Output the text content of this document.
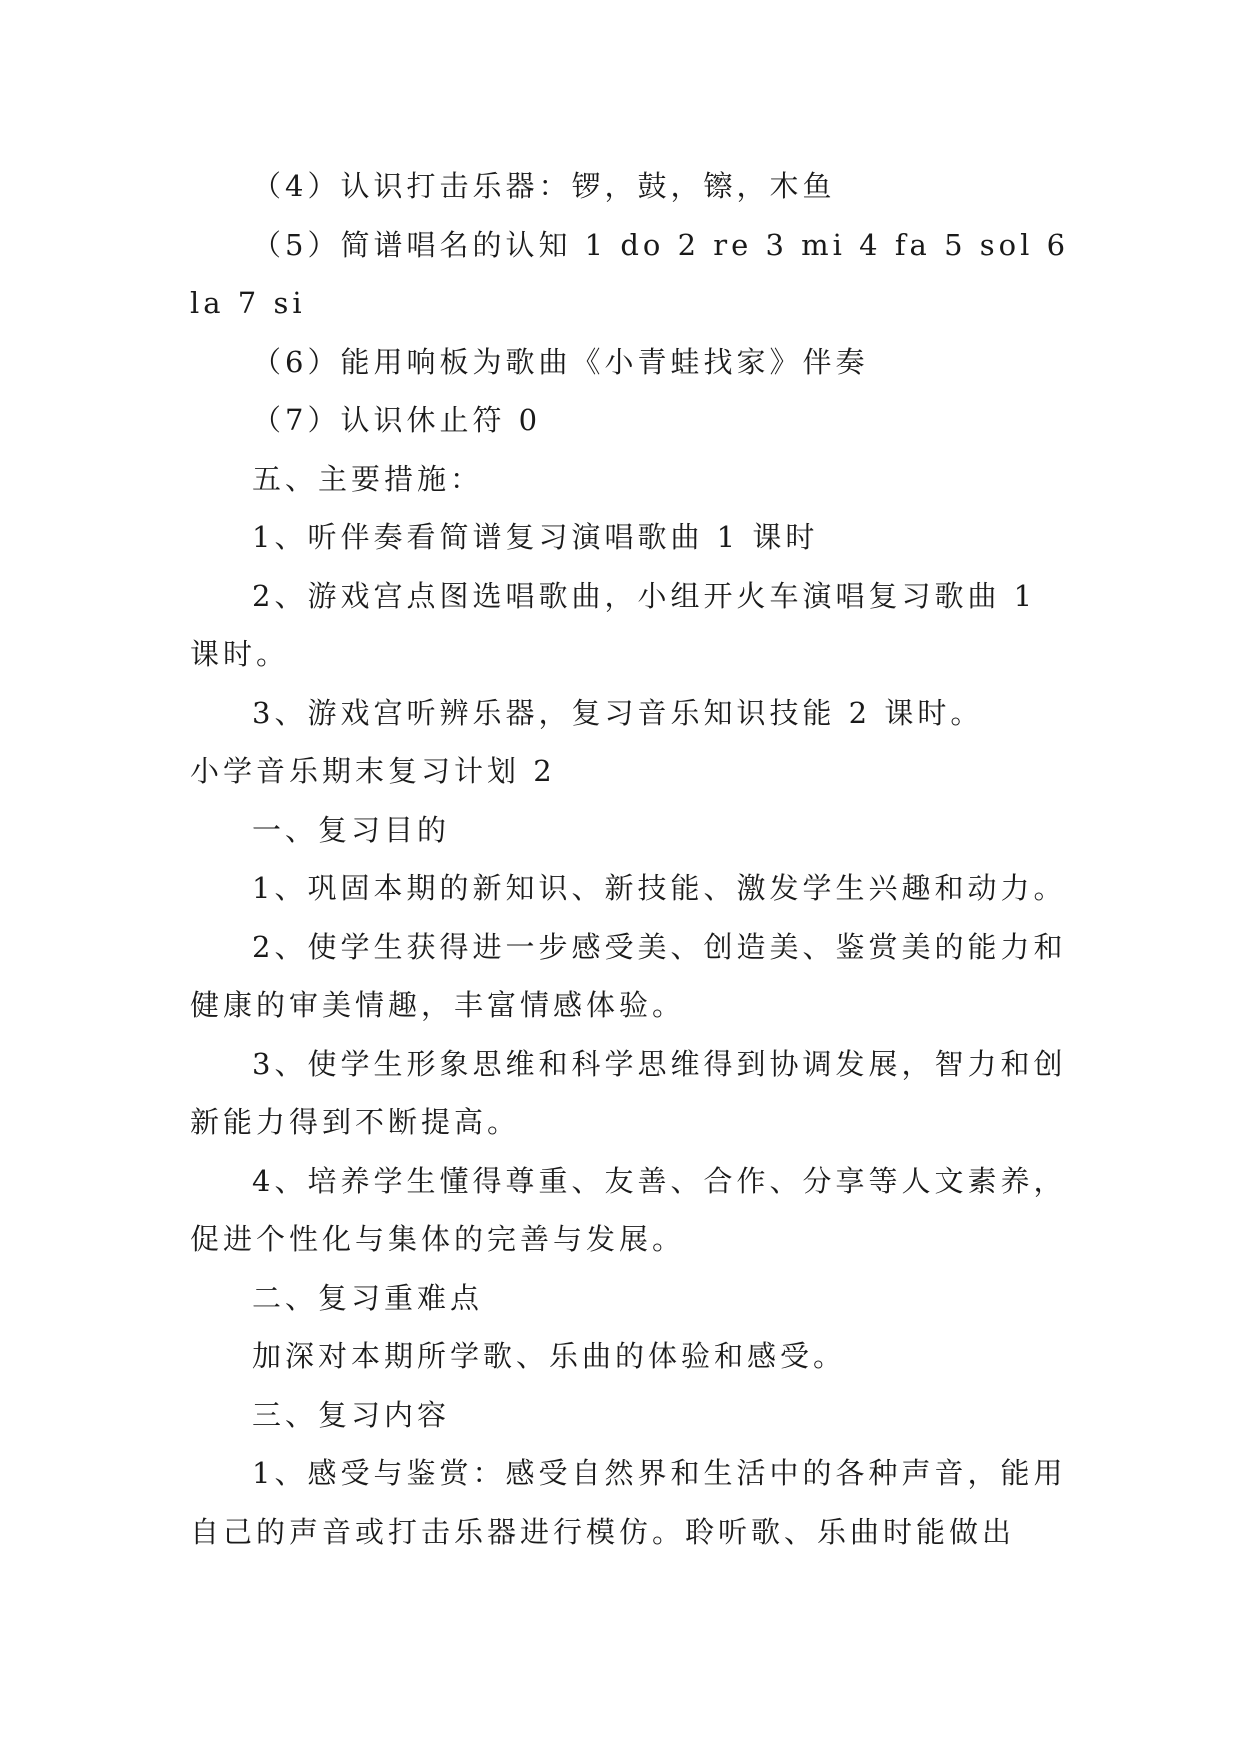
（4）认识打击乐器：锣，鼓，镲，木鱼

（5）简谱唱名的认知 1 do 2 re 3 mi 4 fa 5 sol 6 la 7 si

（6）能用响板为歌曲《小青蛙找家》伴奏

（7）认识休止符 0

五、主要措施：

1、听伴奏看简谱复习演唱歌曲 1 课时

2、游戏宫点图选唱歌曲，小组开火车演唱复习歌曲 1 课时。

3、游戏宫听辨乐器，复习音乐知识技能 2 课时。

小学音乐期末复习计划 2

一、复习目的

1、巩固本期的新知识、新技能、激发学生兴趣和动力。

2、使学生获得进一步感受美、创造美、鉴赏美的能力和健康的审美情趣，丰富情感体验。

3、使学生形象思维和科学思维得到协调发展，智力和创新能力得到不断提高。

4、培养学生懂得尊重、友善、合作、分享等人文素养，促进个性化与集体的完善与发展。

二、复习重难点

加深对本期所学歌、乐曲的体验和感受。

三、复习内容

1、感受与鉴赏：感受自然界和生活中的各种声音，能用自己的声音或打击乐器进行模仿。聆听歌、乐曲时能做出
